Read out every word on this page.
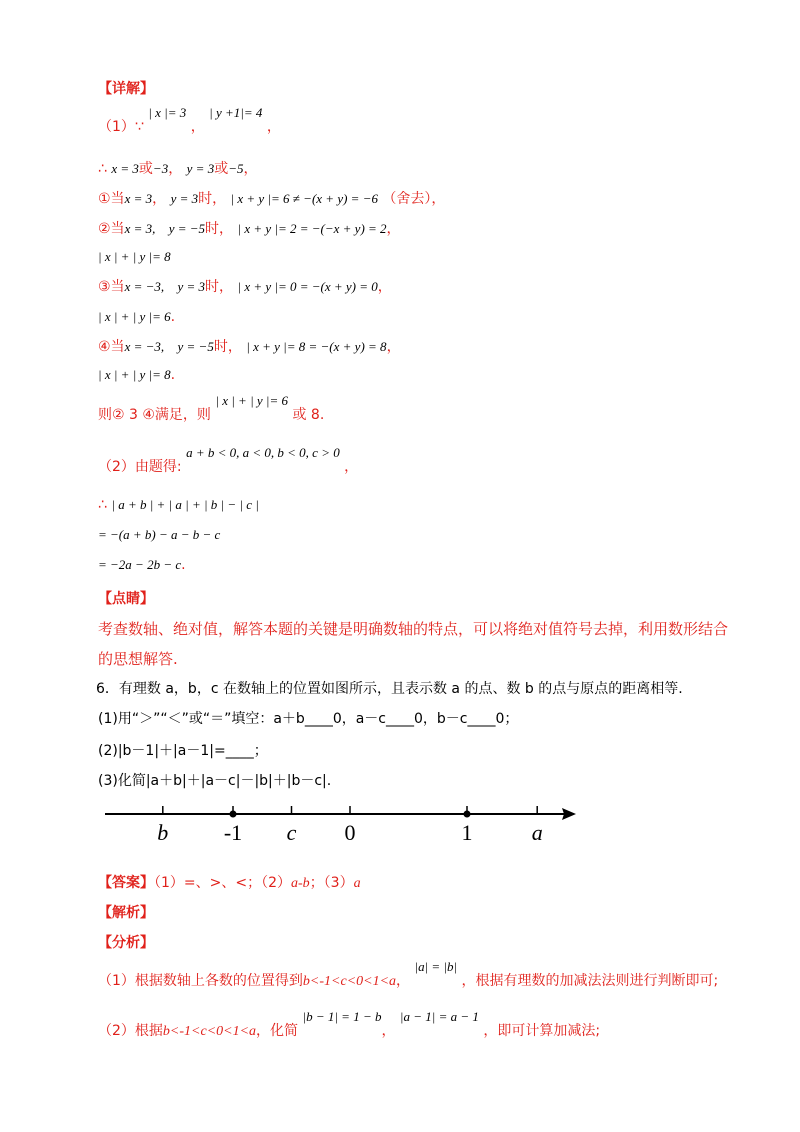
【详解】
（1）∵ | x |= 3 ， | y +1|= 4 ，
∴ x = 3或−3， y = 3或−5，
①当x = 3， y = 3时， | x + y |= 6 ≠ −(x + y) = −6 （舍去），
②当x = 3, y = −5时， | x + y |= 2 = −(−x + y) = 2，
| x | + | y |= 8
③当x = −3, y = 3时， | x + y |= 0 = −(x + y) = 0，
| x | + | y |= 6.
④当x = −3, y = −5时， | x + y |= 8 = −(x + y) = 8，
| x | + | y |= 8.
则② 3 ④满足，则 | x | + | y |= 6 或 8.
（2）由题得: a + b < 0, a < 0, b < 0, c > 0 ，
∴ | a + b | + | a | + | b | − | c |
= −(a + b) − a − b − c
= −2a − 2b − c.
【点睛】
考查数轴、绝对值，解答本题的关键是明确数轴的特点，可以将绝对值符号去掉，利用数形结合
的思想解答.
6．有理数 a，b，c 在数轴上的位置如图所示，且表示数 a 的点、数 b 的点与原点的距离相等.
(1)用“＞”“＜”或“＝”填空：a＋b____0，a－c____0，b－c____0；
(2)|b－1|＋|a－1|=____；
(3)化简|a＋b|＋|a－c|－|b|＋|b－c|.
b	-1 c 0	1	a
【答案】（1）=、>、<；（2）a-b；（3）a
【解析】
【分析】
（1）根据数轴上各数的位置得到b<-1<c<0<1<a， |a| = |b| ，根据有理数的加减法法则进行判断即可;
（2）根据b<-1<c<0<1<a，化简 |b − 1| = 1 − b， |a − 1| = a − 1 ，即可计算加减法;
